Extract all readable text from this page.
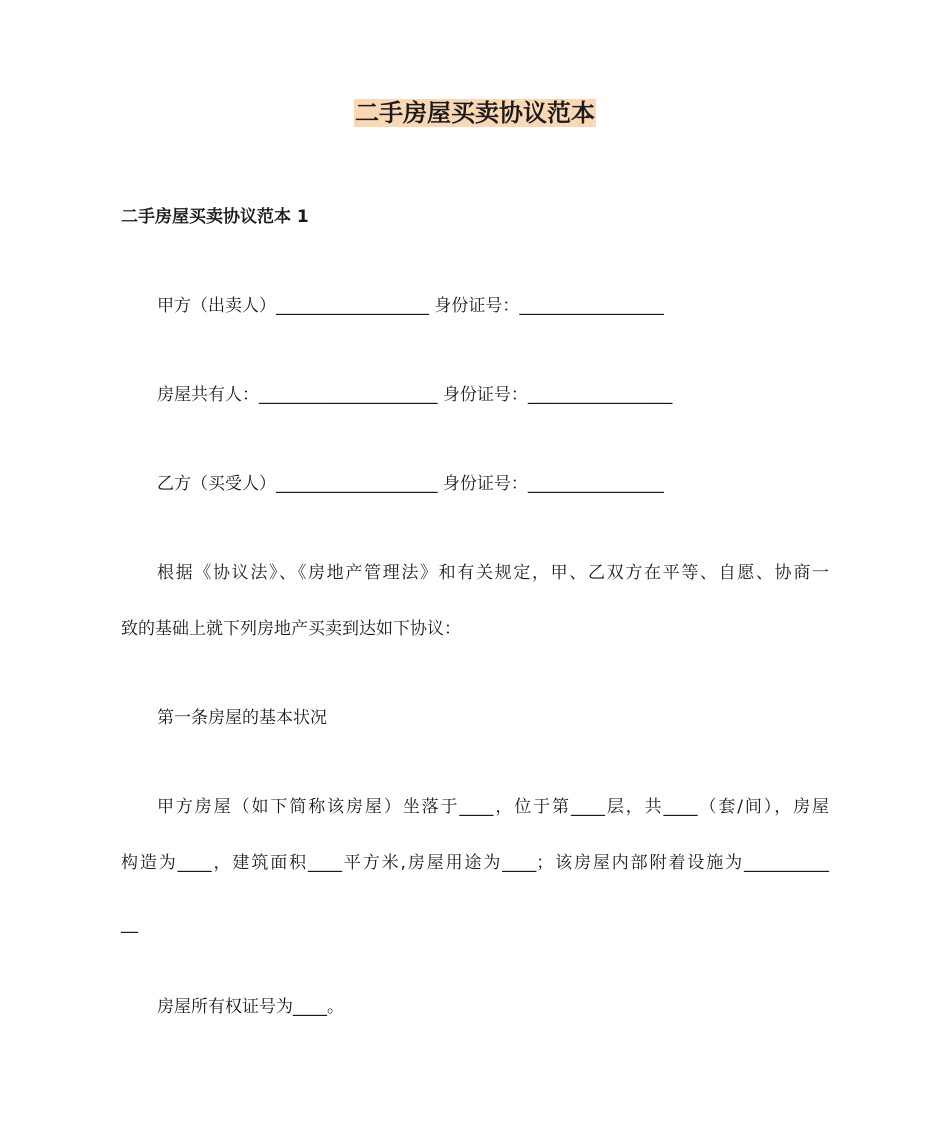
二手房屋买卖协议范本
二手房屋买卖协议范本 1
甲方（出卖人）__________________ 身份证号：_________________
房屋共有人：_____________________ 身份证号：_________________
乙方（买受人）___________________ 身份证号：________________
根据《协议法》、《房地产管理法》和有关规定，甲、乙双方在平等、自愿、协商一
致的基础上就下列房地产买卖到达如下协议：
第一条房屋的基本状况
甲方房屋（如下简称该房屋）坐落于____，位于第____层，共____（套/间），房屋
构造为____，建筑面积____平方米,房屋用途为____；该房屋内部附着设施为__________
__
房屋所有权证号为____。
